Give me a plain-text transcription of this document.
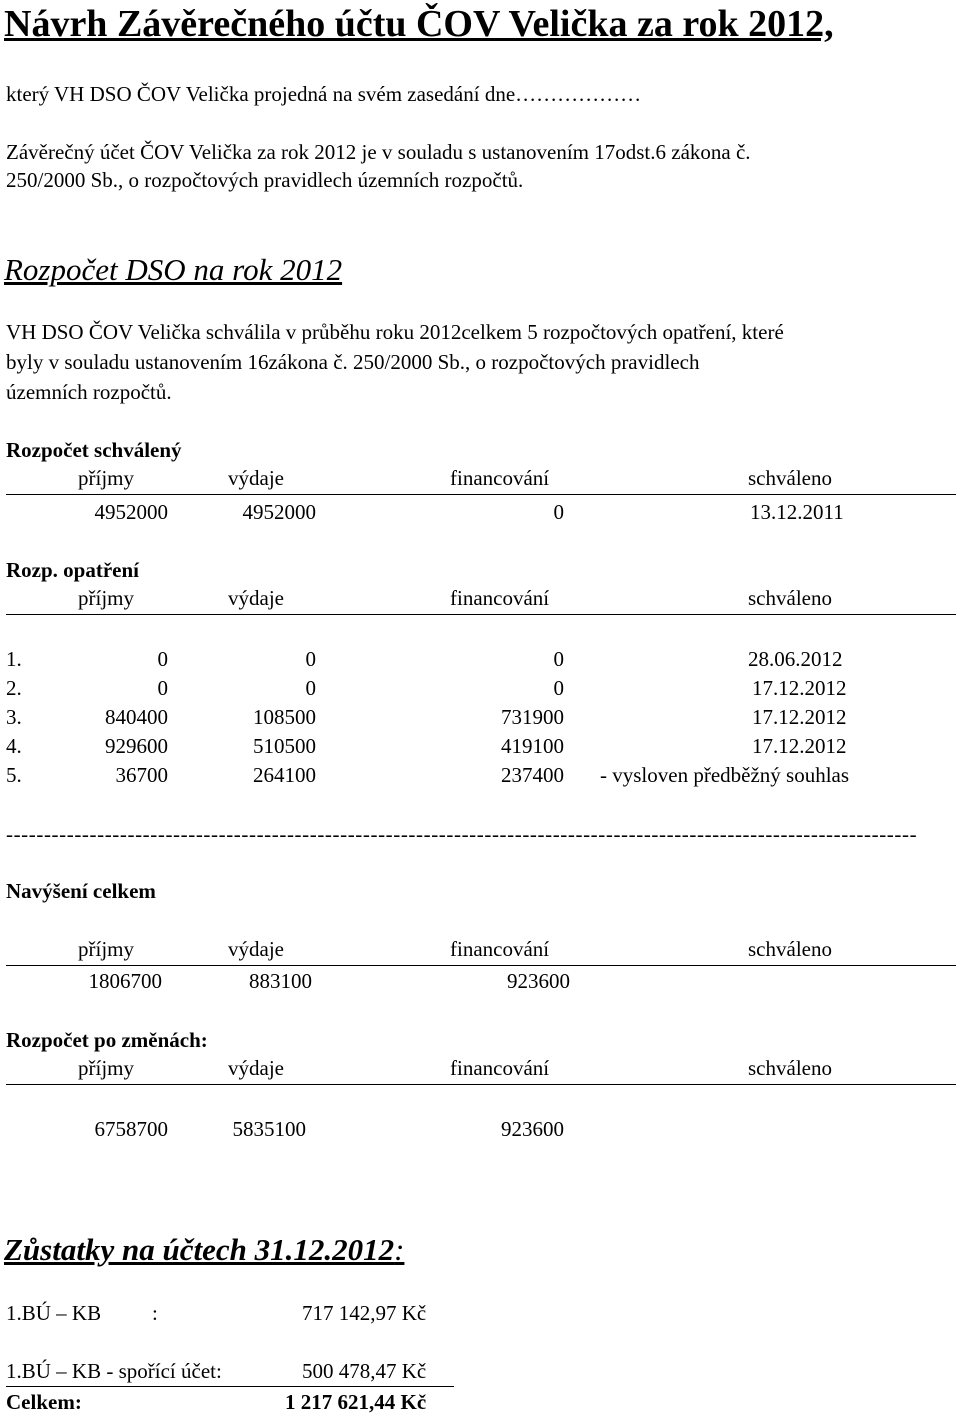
Návrh Závěrečného účtu ČOV Velička za rok 2012,
který VH DSO ČOV Velička projedná na svém zasedání dne………………
Závěrečný účet ČOV Velička za rok 2012 je v souladu s ustanovením 17odst.6 zákona č.
250/2000 Sb., o rozpočtových pravidlech územních rozpočtů.
Rozpočet DSO na rok 2012
VH DSO ČOV Velička schválila v průběhu roku 2012celkem 5 rozpočtových opatření, které
byly v souladu ustanovením 16zákona č. 250/2000 Sb., o rozpočtových pravidlech
územních rozpočtů.
Rozpočet schválený
příjmy	výdaje	financování	schváleno
4952000	4952000	0	13.12.2011
Rozp. opatření
příjmy	výdaje	financování	schváleno
1.	0	0	0	28.06.2012
2.	0	0	0	17.12.2012
3.	840400	108500	731900	17.12.2012
4.	929600	510500	419100	17.12.2012
5.	36700	264100	237400 - vysloven předběžný souhlas
------------------------------------------------------------------------------------------------------------------------
Navýšení celkem
příjmy	výdaje	financování	schváleno
1806700	883100	923600
Rozpočet po změnách:
příjmy	výdaje	financování	schváleno
6758700	5835100	923600
Zůstatky na účtech 31.12.2012:
1.BÚ – KB :	717 142,97 Kč
1.BÚ – KB - spořící účet:	500 478,47 Kč
Celkem:	1 217 621,44 Kč
